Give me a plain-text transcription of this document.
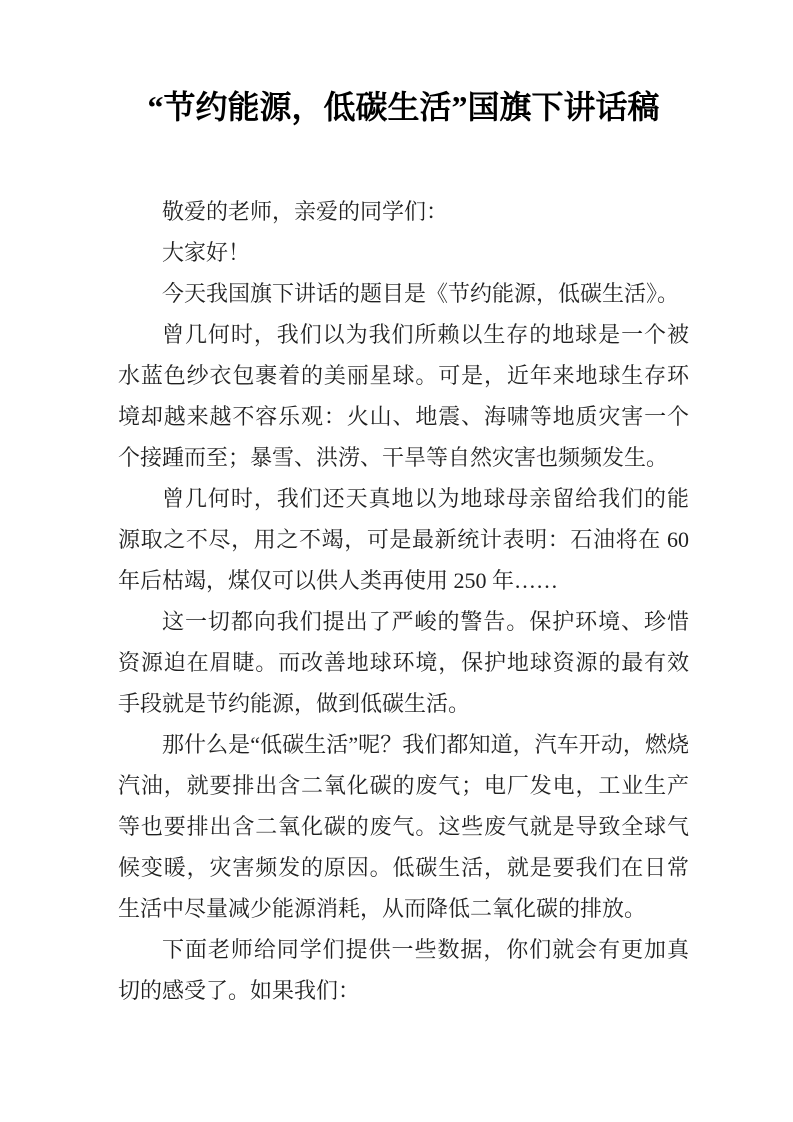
“节约能源，低碳生活”国旗下讲话稿

敬爱的老师，亲爱的同学们：

大家好！

今天我国旗下讲话的题目是《节约能源，低碳生活》。

曾几何时，我们以为我们所赖以生存的地球是一个被水蓝色纱衣包裹着的美丽星球。可是，近年来地球生存环境却越来越不容乐观：火山、地震、海啸等地质灾害一个个接踵而至；暴雪、洪涝、干旱等自然灾害也频频发生。

曾几何时，我们还天真地以为地球母亲留给我们的能源取之不尽，用之不竭，可是最新统计表明：石油将在 60 年后枯竭，煤仅可以供人类再使用 250 年……

这一切都向我们提出了严峻的警告。保护环境、珍惜资源迫在眉睫。而改善地球环境，保护地球资源的最有效手段就是节约能源，做到低碳生活。

那什么是“低碳生活”呢？我们都知道，汽车开动，燃烧汽油，就要排出含二氧化碳的废气；电厂发电，工业生产等也要排出含二氧化碳的废气。这些废气就是导致全球气候变暖，灾害频发的原因。低碳生活，就是要我们在日常生活中尽量减少能源消耗，从而降低二氧化碳的排放。

下面老师给同学们提供一些数据，你们就会有更加真切的感受了。如果我们：
